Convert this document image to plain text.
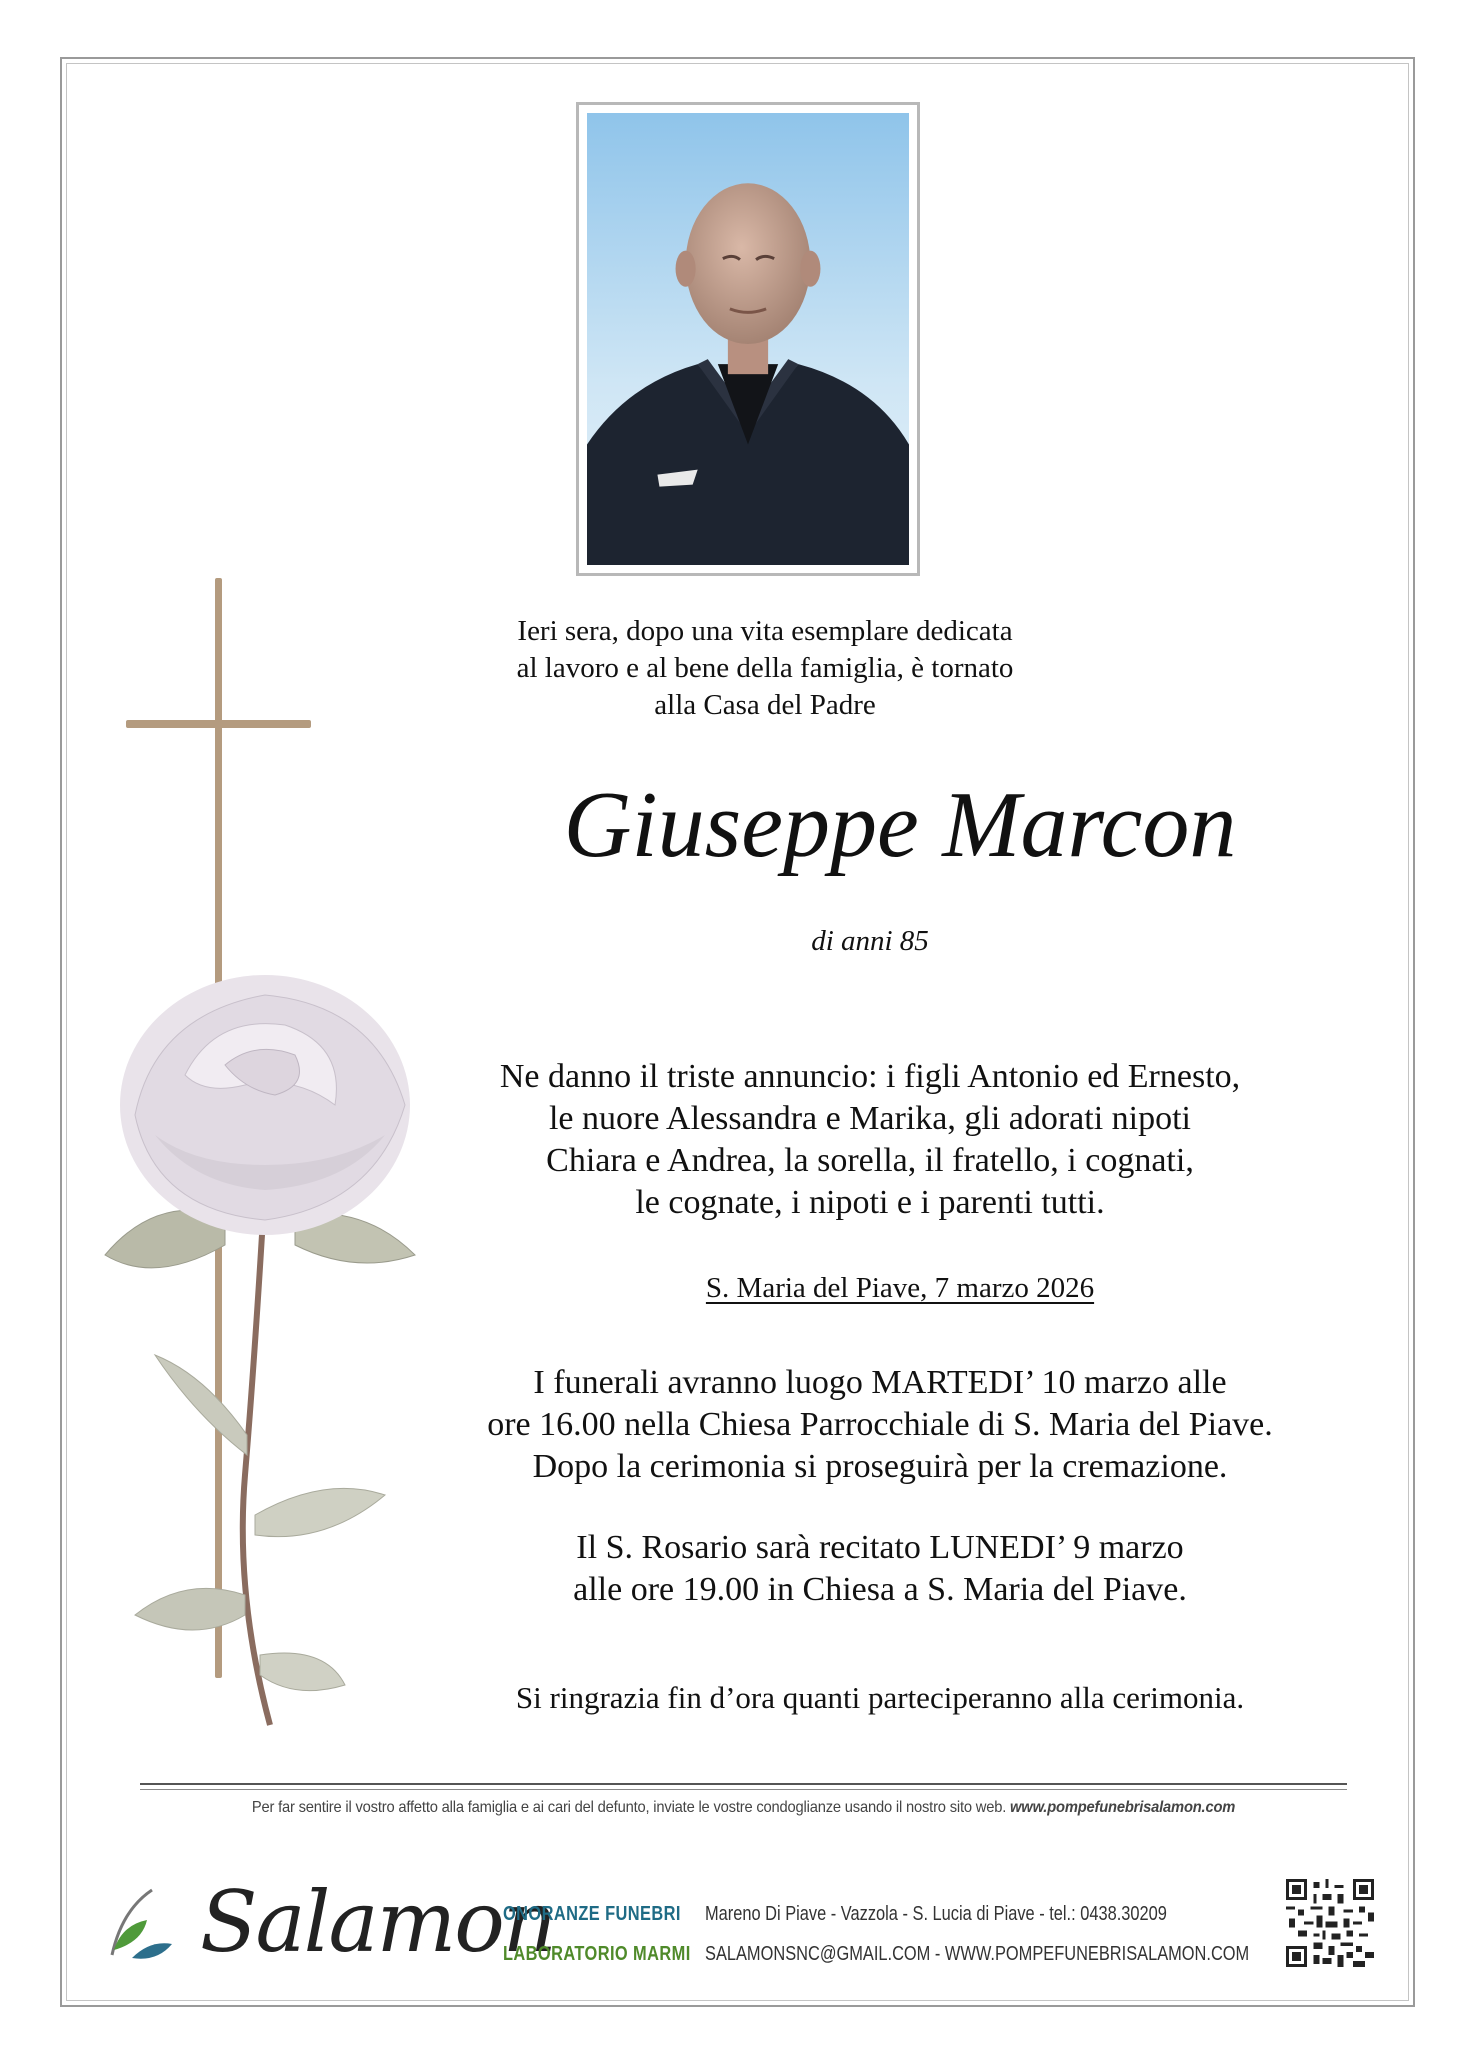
Ieri sera, dopo una vita esemplare dedicata
al lavoro e al bene della famiglia, è tornato
alla Casa del Padre
Giuseppe Marcon
di anni 85
Ne danno il triste annuncio: i figli Antonio ed Ernesto,
le nuore Alessandra e Marika, gli adorati nipoti
Chiara e Andrea, la sorella, il fratello, i cognati,
le cognate, i nipoti e i parenti tutti.
S. Maria del Piave, 7 marzo 2026
I funerali avranno luogo MARTEDI’ 10 marzo alle
ore 16.00 nella Chiesa Parrocchiale di S. Maria del Piave.
Dopo la cerimonia si proseguirà per la cremazione.
Il S. Rosario sarà recitato LUNEDI’ 9 marzo
alle ore 19.00 in Chiesa a S. Maria del Piave.
Si ringrazia fin d’ora quanti parteciperanno alla cerimonia.
Per far sentire il vostro affetto alla famiglia e ai cari del defunto, inviate le vostre condoglianze usando il nostro sito web. www.pompefunebrisalamon.com
Salamon
ONORANZE FUNEBRI
LABORATORIO MARMI
Mareno Di Piave - Vazzola - S. Lucia di Piave - tel.: 0438.30209
SALAMONSNC@GMAIL.COM - WWW.POMPEFUNEBRISALAMON.COM
